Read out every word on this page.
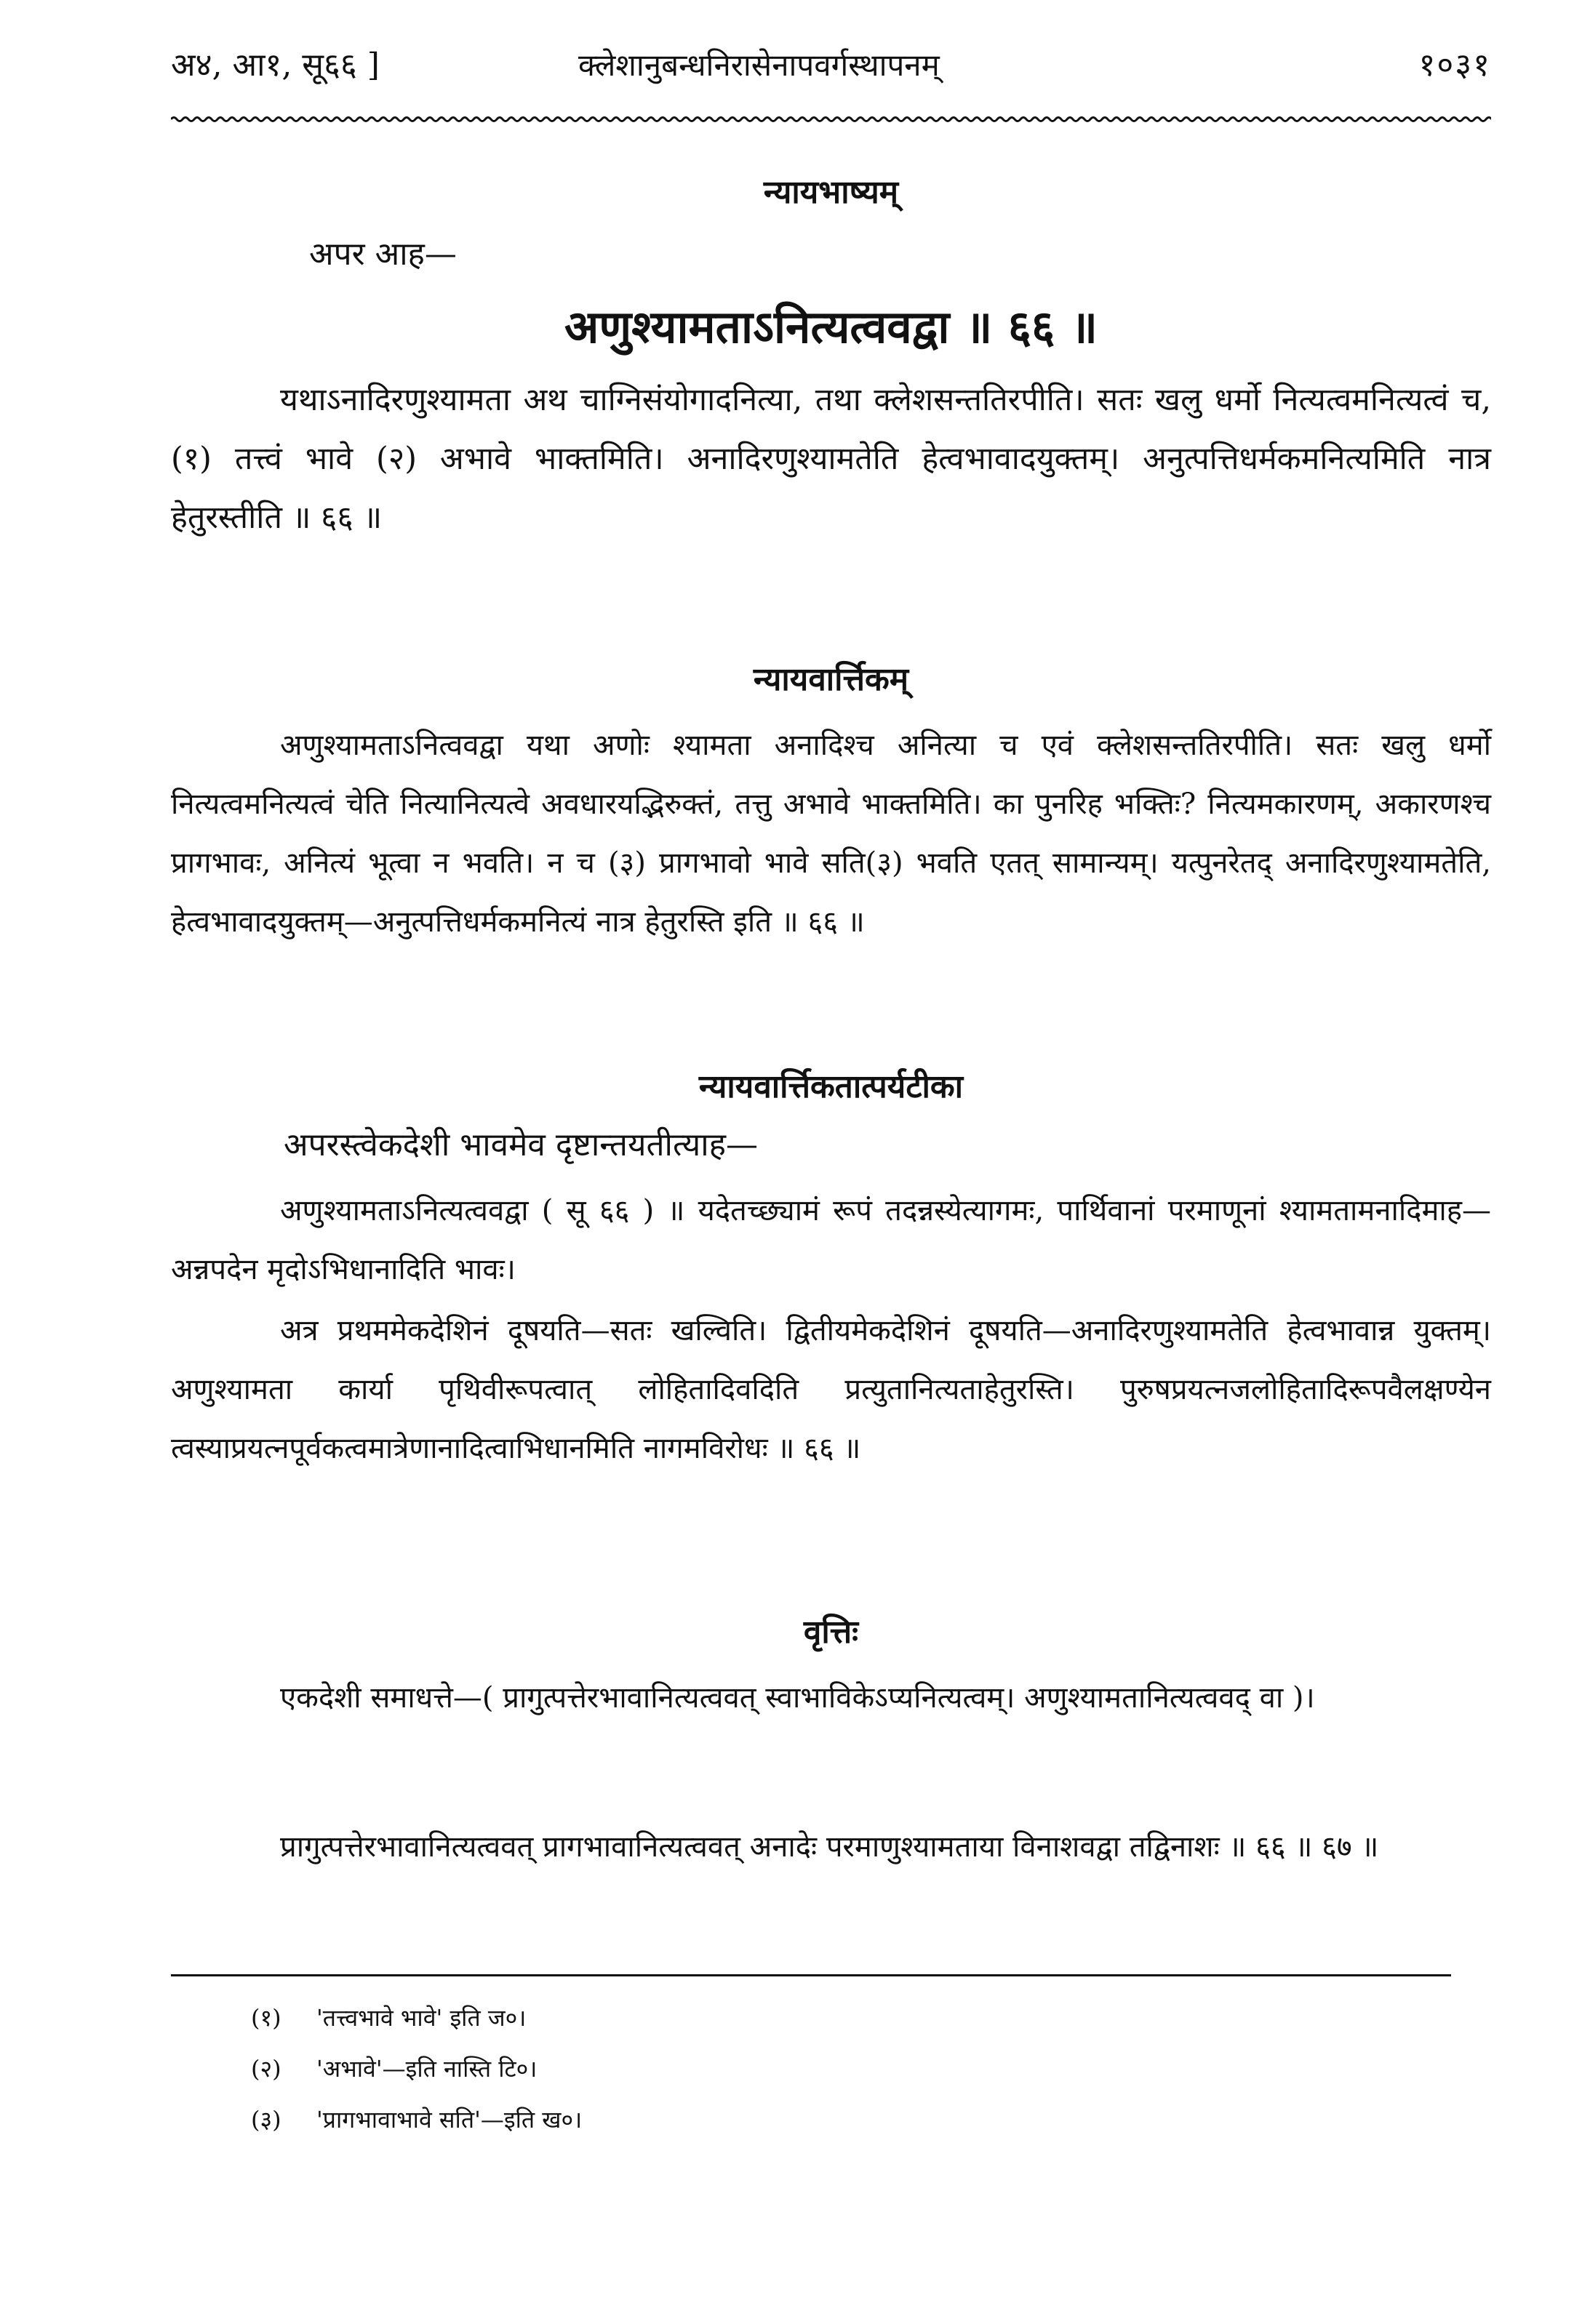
अ४, आ१, सू६६ ]	क्लेशानुबन्धनिरासेनापवर्गस्थापनम्	१०३१
न्यायभाष्यम्
अपर आह—
अणुश्यामताऽनित्यत्ववद्वा ॥ ६६ ॥
यथाऽनादिरणुश्यामता अथ चाग्निसंयोगादनित्या, तथा क्लेशसन्ततिरपीति। सतः खलु धर्मो नित्यत्वमनित्यत्वं च, (१) तत्त्वं भावे (२) अभावे भाक्तमिति। अनादिरणुश्यामतेति हेत्वभावादयुक्तम्। अनुत्पत्तिधर्मकमनित्यमिति नात्र हेतुरस्तीति ॥ ६६ ॥
न्यायवार्त्तिकम्
अणुश्यामताऽनित्ववद्वा यथा अणोः श्यामता अनादिश्च अनित्या च एवं क्लेशसन्ततिरपीति। सतः खलु धर्मो नित्यत्वमनित्यत्वं चेति नित्यानित्यत्वे अवधारयद्भिरुक्तं, तत्तु अभावे भाक्तमिति। का पुनरिह भक्तिः? नित्यमकारणम्, अकारणश्च प्रागभावः, अनित्यं भूत्वा न भवति। न च (३) प्रागभावो भावे सति(३) भवति एतत् सामान्यम्। यत्पुनरेतद् अनादिरणुश्यामतेति, हेत्वभावादयुक्तम्—अनुत्पत्तिधर्मकमनित्यं नात्र हेतुरस्ति इति ॥ ६६ ॥
न्यायवार्त्तिकतात्पर्यटीका
अपरस्त्वेकदेशी भावमेव दृष्टान्तयतीत्याह—
अणुश्यामताऽनित्यत्ववद्वा ( सू ६६ ) ॥ यदेतच्छ्यामं रूपं तदन्नस्येत्यागमः, पार्थिवानां परमाणूनां श्यामतामनादिमाह—अन्नपदेन मृदोऽभिधानादिति भावः।
अत्र प्रथममेकदेशिनं दूषयति—सतः खल्विति। द्वितीयमेकदेशिनं दूषयति—अनादिरणुश्यामतेति हेत्वभावान्न युक्तम्। अणुश्यामता कार्या पृथिवीरूपत्वात् लोहितादिवदिति प्रत्युतानित्यताहेतुरस्ति। पुरुषप्रयत्नजलोहितादिरूपवैलक्षण्येन त्वस्याप्रयत्नपूर्वकत्वमात्रेणानादित्वाभिधानमिति नागमविरोधः ॥ ६६ ॥
वृत्तिः
एकदेशी समाधत्ते—( प्रागुत्पत्तेरभावानित्यत्ववत् स्वाभाविकेऽप्यनित्यत्वम्। अणुश्यामतानित्यत्ववद् वा )।
प्रागुत्पत्तेरभावानित्यत्ववत् प्रागभावानित्यत्ववत् अनादेः परमाणुश्यामताया विनाशवद्वा तद्विनाशः ॥ ६६ ॥ ६७ ॥
(१) 'तत्त्वभावे भावे' इति ज०।
(२) 'अभावे'—इति नास्ति टि०।
(३) 'प्रागभावाभावे सति'—इति ख०।
